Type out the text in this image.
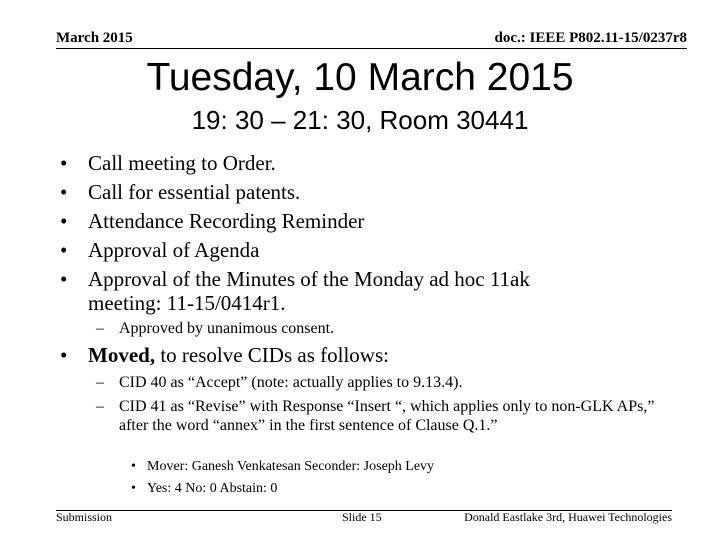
March 2015	doc.: IEEE P802.11-15/0237r8
Tuesday, 10 March 2015
19: 30 – 21: 30, Room 30441
• Call meeting to Order.
• Call for essential patents.
• Attendance Recording Reminder
• Approval of Agenda
• Approval of the Minutes of the Monday ad hoc 11ak meeting: 11-15/0414r1.
– Approved by unanimous consent.
• Moved, to resolve CIDs as follows:
– CID 40 as “Accept” (note: actually applies to 9.13.4).
– CID 41 as “Revise” with Response “Insert “, which applies only to non-GLK APs,” after the word “annex” in the first sentence of Clause Q.1.”
• Mover: Ganesh Venkatesan Seconder: Joseph Levy
• Yes: 4 No: 0 Abstain: 0
Submission	Slide 15	Donald Eastlake 3rd, Huawei Technologies
